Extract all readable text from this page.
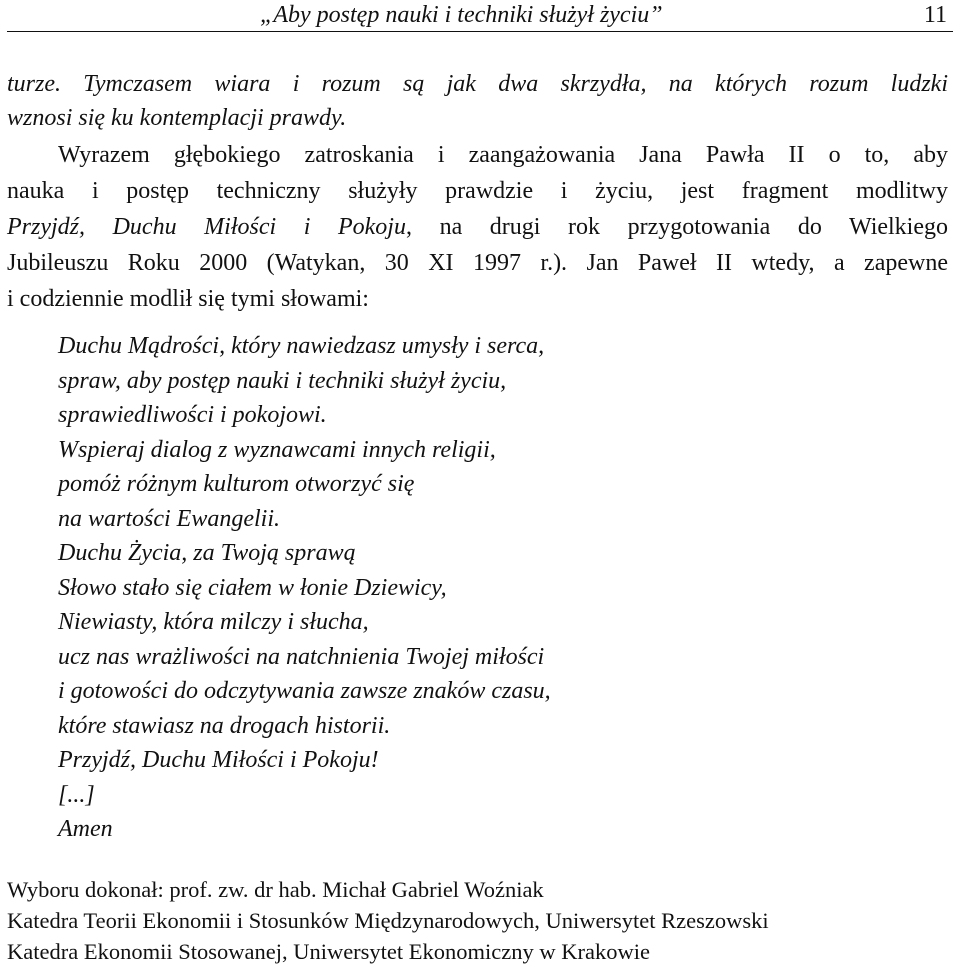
„Aby postęp nauki i techniki służył życiu”	11
turze. Tymczasem wiara i rozum są jak dwa skrzydła, na których rozum ludzki
wznosi się ku kontemplacji prawdy.
Wyrazem głębokiego zatroskania i zaangażowania Jana Pawła II o to, aby
nauka i postęp techniczny służyły prawdzie i życiu, jest fragment modlitwy
Przyjdź, Duchu Miłości i Pokoju, na drugi rok przygotowania do Wielkiego
Jubileuszu Roku 2000 (Watykan, 30 XI 1997 r.). Jan Paweł II wtedy, a zapewne
i codziennie modlił się tymi słowami:
Duchu Mądrości, który nawiedzasz umysły i serca,
spraw, aby postęp nauki i techniki służył życiu,
sprawiedliwości i pokojowi.
Wspieraj dialog z wyznawcami innych religii,
pomóż różnym kulturom otworzyć się
na wartości Ewangelii.
Duchu Życia, za Twoją sprawą
Słowo stało się ciałem w łonie Dziewicy,
Niewiasty, która milczy i słucha,
ucz nas wrażliwości na natchnienia Twojej miłości
i gotowości do odczytywania zawsze znaków czasu,
które stawiasz na drogach historii.
Przyjdź, Duchu Miłości i Pokoju!
[...]
Amen
Wyboru dokonał: prof. zw. dr hab. Michał Gabriel Woźniak
Katedra Teorii Ekonomii i Stosunków Międzynarodowych, Uniwersytet Rzeszowski
Katedra Ekonomii Stosowanej, Uniwersytet Ekonomiczny w Krakowie
